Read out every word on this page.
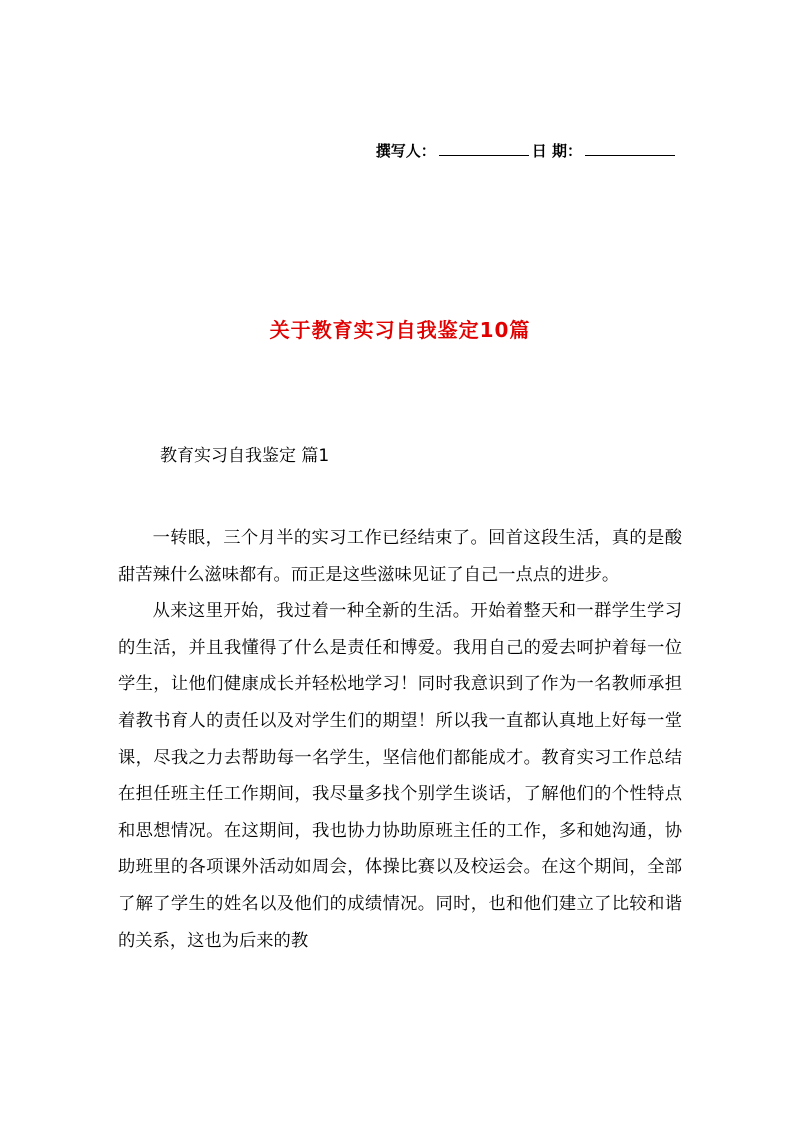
撰写人：	日 期：
关于教育实习自我鉴定10篇
教育实习自我鉴定 篇1

一转眼，三个月半的实习工作已经结束了。回首这段生活，真的是酸甜苦辣什么滋味都有。而正是这些滋味见证了自己一点点的进步。

从来这里开始，我过着一种全新的生活。开始着整天和一群学生学习的生活，并且我懂得了什么是责任和博爱。我用自己的爱去呵护着每一位学生，让他们健康成长并轻松地学习！同时我意识到了作为一名教师承担着教书育人的责任以及对学生们的期望！所以我一直都认真地上好每一堂课，尽我之力去帮助每一名学生，坚信他们都能成才。教育实习工作总结 在担任班主任工作期间，我尽量多找个别学生谈话，了解他们的个性特点和思想情况。在这期间，我也协力协助原班主任的工作，多和她沟通，协助班里的各项课外活动如周会，体操比赛以及校运会。在这个期间，全部了解了学生的姓名以及他们的成绩情况。同时，也和他们建立了比较和谐的关系，这也为后来的教
